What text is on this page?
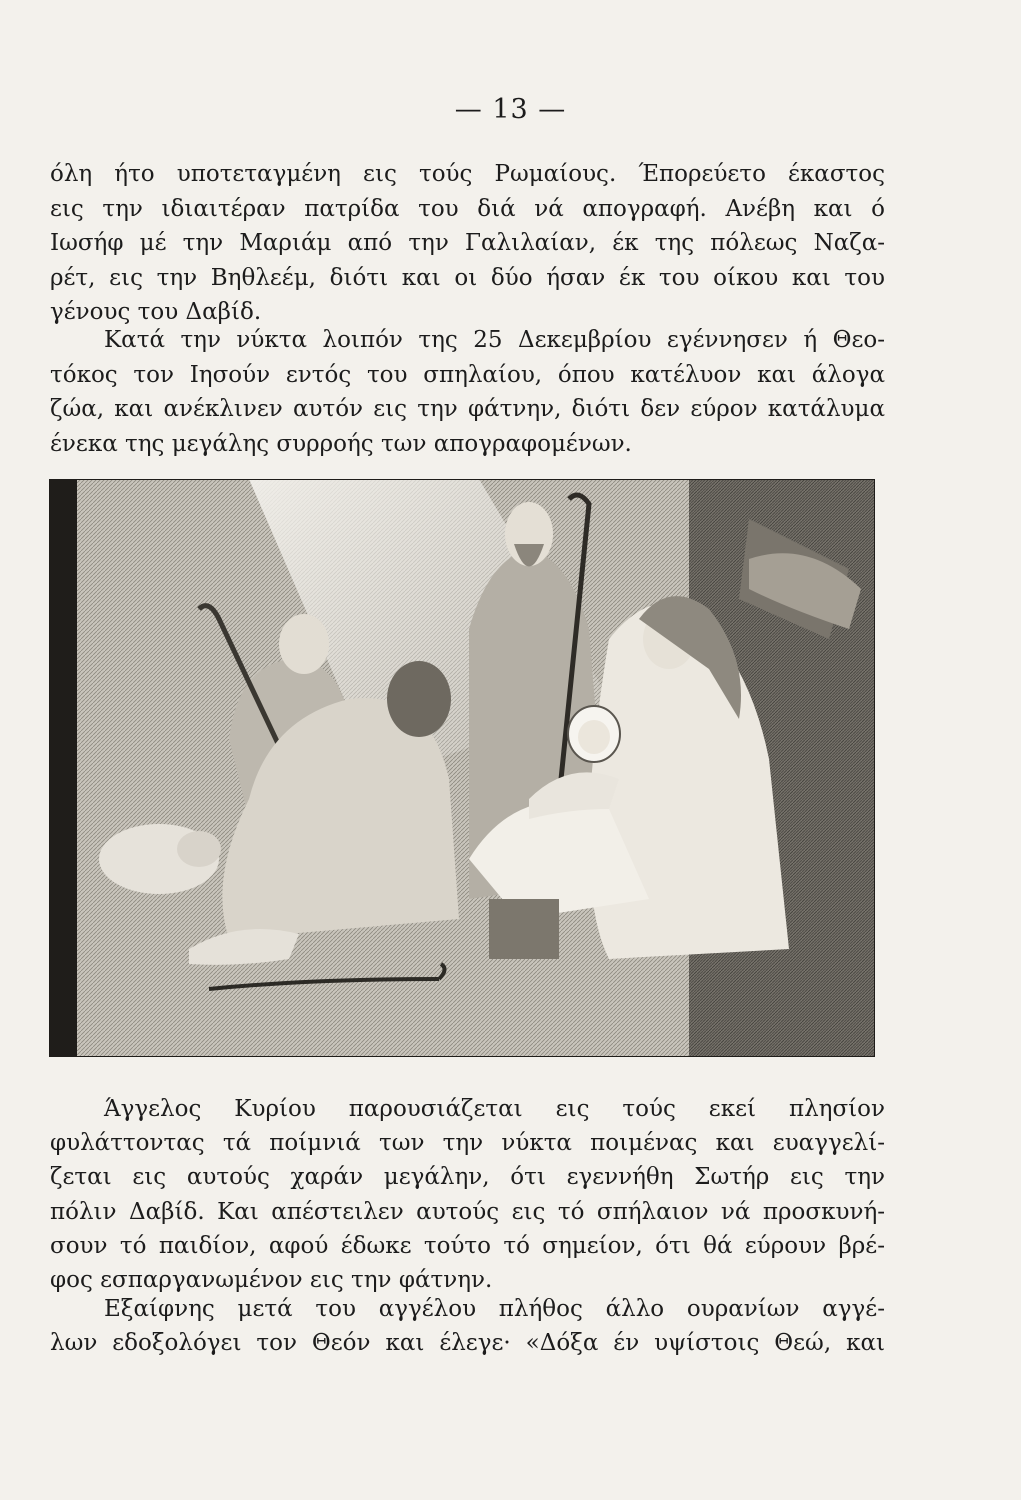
— 13 —
όλη ήτο υποτεταγμένη εις τούς Ρωμαίους. Έπορεύετο έκαστος
εις την ιδιαιτέραν πατρίδα του διά νά απογραφή. Ανέβη και ό
Ιωσήφ μέ την Μαριάμ από την Γαλιλαίαν, έκ της πόλεως Ναζα-
ρέτ, εις την Βηθλεέμ, διότι και οι δύο ήσαν έκ του οίκου και του
γένους του Δαβίδ.
Κατά την νύκτα λοιπόν της 25 Δεκεμβρίου εγέννησεν ή Θεο-
τόκος τον Ιησούν εντός του σπηλαίου, όπου κατέλυον και άλογα
ζώα, και ανέκλινεν αυτόν εις την φάτνην, διότι δεν εύρον κατάλυμα
ένεκα της μεγάλης συρροής των απογραφομένων.
Άγγελος Κυρίου παρουσιάζεται εις τούς εκεί πλησίον
φυλάττοντας τά ποίμνιά των την νύκτα ποιμένας και ευαγγελί-
ζεται εις αυτούς χαράν μεγάλην, ότι εγεννήθη Σωτήρ εις την
πόλιν Δαβίδ. Και απέστειλεν αυτούς εις τό σπήλαιον νά προσκυνή-
σουν τό παιδίον, αφού έδωκε τούτο τό σημείον, ότι θά εύρουν βρέ-
φος εσπαργανωμένον εις την φάτνην.
Εξαίφνης μετά του αγγέλου πλήθος άλλο ουρανίων αγγέ-
λων εδοξολόγει τον Θεόν και έλεγε· «Δόξα έν υψίστοις Θεώ, και
